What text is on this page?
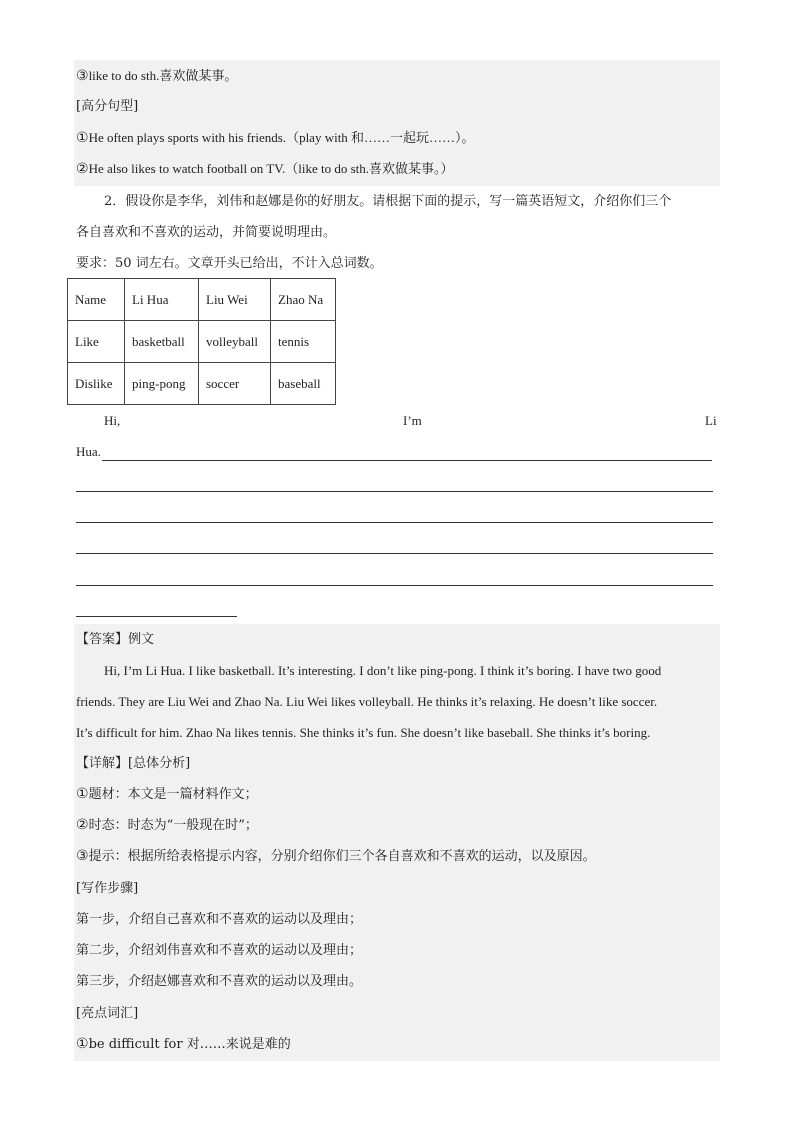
③like to do sth.喜欢做某事。
[高分句型]
①He often plays sports with his friends.（play with 和……一起玩……）。
②He also likes to watch football on TV.（like to do sth.喜欢做某事。）
2．假设你是李华，刘伟和赵娜是你的好朋友。请根据下面的提示，写一篇英语短文，介绍你们三个
各自喜欢和不喜欢的运动，并简要说明理由。
要求：50 词左右。文章开头已给出，不计入总词数。
Name	Li Hua	Liu Wei	Zhao Na
Like	basketball	volleyball	tennis
Dislike	ping-pong	soccer	baseball
Hi,	I’m	Li
Hua.
【答案】例文
Hi, I’m Li Hua. I like basketball. It’s interesting. I don’t like ping-pong. I think it’s boring. I have two good
friends. They are Liu Wei and Zhao Na. Liu Wei likes volleyball. He thinks it’s relaxing. He doesn’t like soccer.
It’s difficult for him. Zhao Na likes tennis. She thinks it’s fun. She doesn’t like baseball. She thinks it’s boring.
【详解】[总体分析]
①题材：本文是一篇材料作文；
②时态：时态为“一般现在时”；
③提示：根据所给表格提示内容，分别介绍你们三个各自喜欢和不喜欢的运动，以及原因。
[写作步骤]
第一步，介绍自己喜欢和不喜欢的运动以及理由；
第二步，介绍刘伟喜欢和不喜欢的运动以及理由；
第三步，介绍赵娜喜欢和不喜欢的运动以及理由。
[亮点词汇]
①be difficult for 对……来说是难的
